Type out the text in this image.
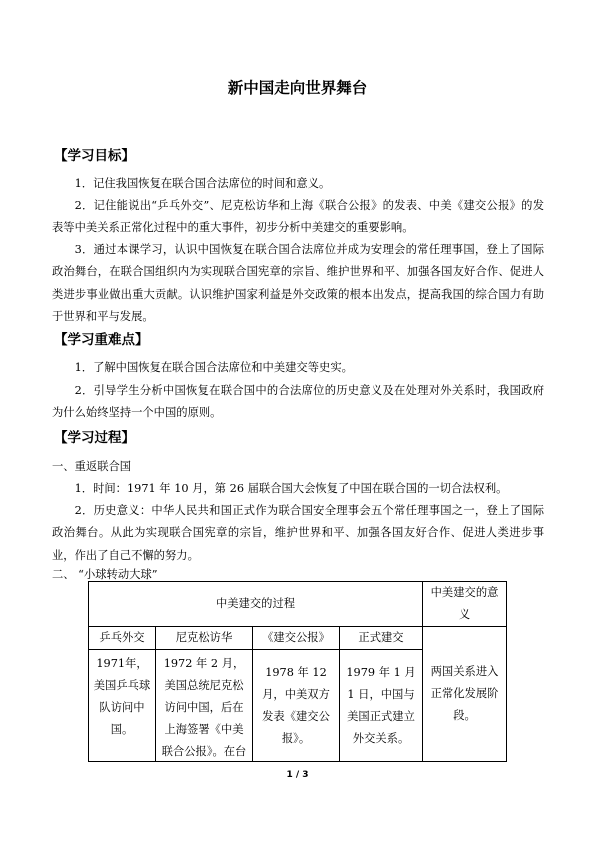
新中国走向世界舞台
【学习目标】

1．记住我国恢复在联合国合法席位的时间和意义。

2．记住能说出“乒乓外交”、尼克松访华和上海《联合公报》的发表、中美《建交公报》的发表等中美关系正常化过程中的重大事件，初步分析中美建交的重要影响。

3．通过本课学习，认识中国恢复在联合国合法席位并成为安理会的常任理事国，登上了国际政治舞台，在联合国组织内为实现联合国宪章的宗旨、维护世界和平、加强各国友好合作、促进人类进步事业做出重大贡献。认识维护国家利益是外交政策的根本出发点，提高我国的综合国力有助于世界和平与发展。

【学习重难点】

1．了解中国恢复在联合国合法席位和中美建交等史实。

2．引导学生分析中国恢复在联合国中的合法席位的历史意义及在处理对外关系时，我国政府为什么始终坚持一个中国的原则。

【学习过程】
一、重返联合国

1．时间：1971 年 10 月，第 26 届联合国大会恢复了中国在联合国的一切合法权利。

2．历史意义：中华人民共和国正式作为联合国安全理事会五个常任理事国之一，登上了国际政治舞台。从此为实现联合国宪章的宗旨，维护世界和平、加强各国友好合作、促进人类进步事业，作出了自己不懈的努力。

二、 “小球转动大球”
中美建交的过程				中美建交的意义
乒乓外交	尼克松访华	《建交公报》	正式建交	两国关系进入正常化发展阶段。

1971年，美国乒乓球队访问中国。	1972 年 2 月，美国总统尼克松访问中国，后在上海签署《中美联合公报》。在台	1978 年 12 月，中美双方发表《建交公报》。	1979 年 1 月 1 日，中国与美国正式建立外交关系。	
1 / 3
